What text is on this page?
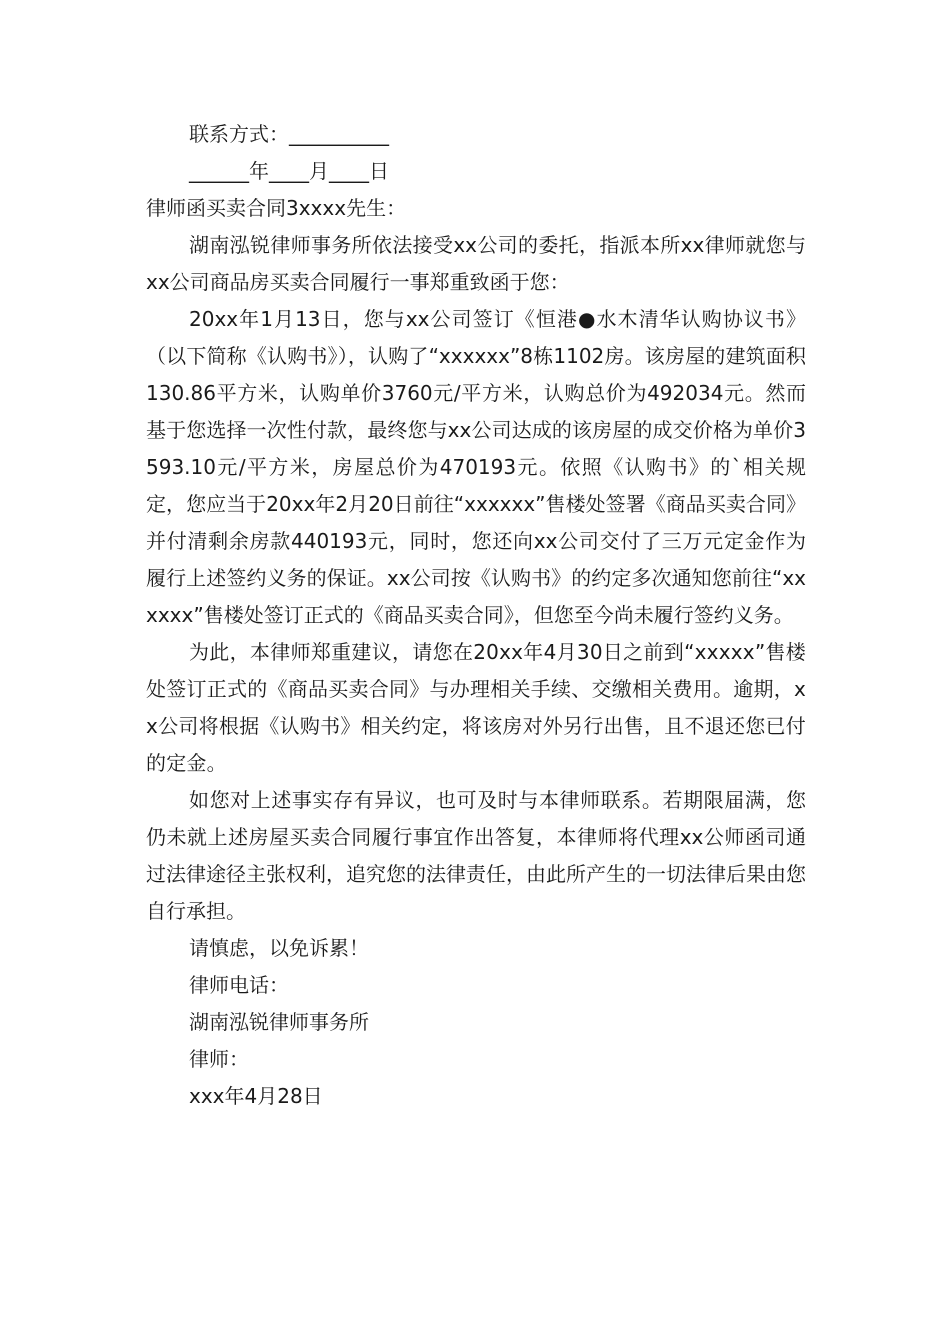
联系方式：__________

______年____月____日

律师函买卖合同3xxxx先生：

湖南泓锐律师事务所依法接受xx公司的委托，指派本所xx律师就您与xx公司商品房买卖合同履行一事郑重致函于您：

20xx年1月13日，您与xx公司签订《恒港●水木清华认购协议书》（以下简称《认购书》），认购了“xxxxxx”8栋1102房。该房屋的建筑面积130.86平方米，认购单价3760元/平方米，认购总价为492034元。然而基于您选择一次性付款，最终您与xx公司达成的该房屋的成交价格为单价3593.10元/平方米，房屋总价为470193元。依照《认购书》的`相关规定，您应当于20xx年2月20日前往“xxxxxx”售楼处签署《商品买卖合同》并付清剩余房款440193元，同时，您还向xx公司交付了三万元定金作为履行上述签约义务的保证。xx公司按《认购书》的约定多次通知您前往“xxxxxx”售楼处签订正式的《商品买卖合同》，但您至今尚未履行签约义务。

为此，本律师郑重建议，请您在20xx年4月30日之前到“xxxxx”售楼处签订正式的《商品买卖合同》与办理相关手续、交缴相关费用。逾期，xx公司将根据《认购书》相关约定，将该房对外另行出售，且不退还您已付的定金。

如您对上述事实存有异议，也可及时与本律师联系。若期限届满，您仍未就上述房屋买卖合同履行事宜作出答复，本律师将代理xx公师函司通过法律途径主张权利，追究您的法律责任，由此所产生的一切法律后果由您自行承担。

请慎虑，以免诉累！

律师电话：

湖南泓锐律师事务所

律师：

xxx年4月28日
